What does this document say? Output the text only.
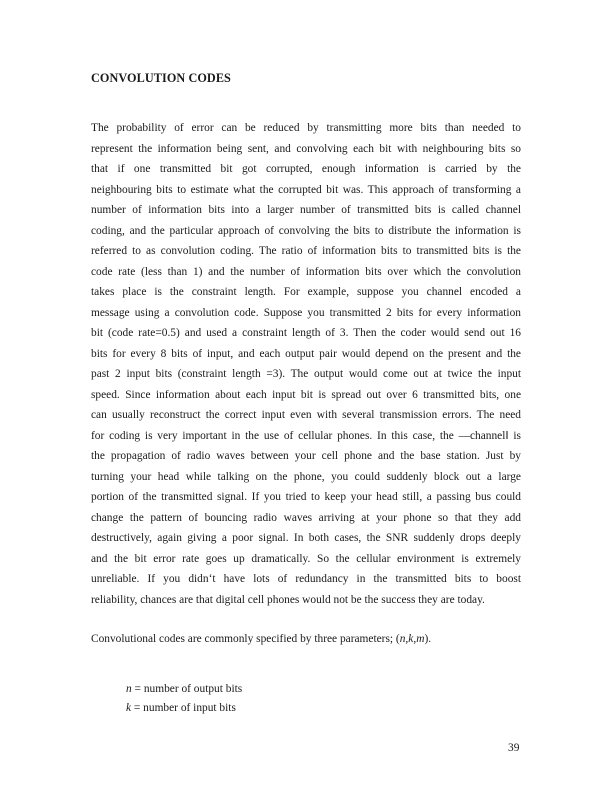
CONVOLUTION CODES
The probability of error can be reduced by transmitting more bits than needed to
represent the information being sent, and convolving each bit with neighbouring bits so
that if one transmitted bit got corrupted, enough information is carried by the
neighbouring bits to estimate what the corrupted bit was. This approach of transforming a
number of information bits into a larger number of transmitted bits is called channel
coding, and the particular approach of convolving the bits to distribute the information is
referred to as convolution coding. The ratio of information bits to transmitted bits is the
code rate (less than 1) and the number of information bits over which the convolution
takes place is the constraint length. For example, suppose you channel encoded a
message using a convolution code. Suppose you transmitted 2 bits for every information
bit (code rate=0.5) and used a constraint length of 3. Then the coder would send out 16
bits for every 8 bits of input, and each output pair would depend on the present and the
past 2 input bits (constraint length =3). The output would come out at twice the input
speed. Since information about each input bit is spread out over 6 transmitted bits, one
can usually reconstruct the correct input even with several transmission errors. The need
for coding is very important in the use of cellular phones. In this case, the ―channel‖ is
the propagation of radio waves between your cell phone and the base station. Just by
turning your head while talking on the phone, you could suddenly block out a large
portion of the transmitted signal. If you tried to keep your head still, a passing bus could
change the pattern of bouncing radio waves arriving at your phone so that they add
destructively, again giving a poor signal. In both cases, the SNR suddenly drops deeply
and the bit error rate goes up dramatically. So the cellular environment is extremely
unreliable. If you didn‘t have lots of redundancy in the transmitted bits to boost
reliability, chances are that digital cell phones would not be the success they are today.

Convolutional codes are commonly specified by three parameters; (n,k,m).

n = number of output bits
k = number of input bits

39
